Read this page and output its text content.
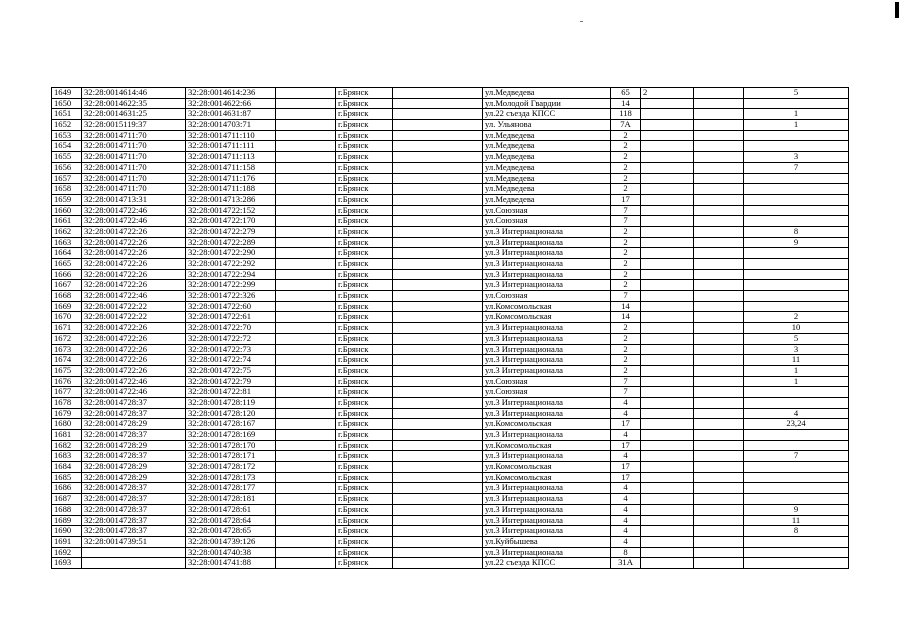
1649	32:28:0014614:46	32:28:0014614:236		г.Брянск		ул.Медведева	65	2		5
1650	32:28:0014622:35	32:28:0014622:66		г.Брянск		ул.Молодой Гвардии	14			
1651	32:28:0014631:25	32:28:0014631:87		г.Брянск		ул.22 съезда КПСС	118			1
1652	32:28:0015119:37	32:28:0014703:71		г.Брянск		ул. Ульянова	7А			1
1653	32:28:0014711:70	32:28:0014711:110		г.Брянск		ул.Медведева	2			
1654	32:28:0014711:70	32:28:0014711:111		г.Брянск		ул.Медведева	2			
1655	32:28:0014711:70	32:28:0014711:113		г.Брянск		ул.Медведева	2			3
1656	32:28:0014711:70	32:28:0014711:158		г.Брянск		ул.Медведева	2			7
1657	32:28:0014711:70	32:28:0014711:176		г.Брянск		ул.Медведева	2			
1658	32:28:0014711:70	32:28:0014711:188		г.Брянск		ул.Медведева	2			
1659	32:28:0014713:31	32:28:0014713:286		г.Брянск		ул.Медведева	17			
1660	32:28:0014722:46	32:28:0014722:152		г.Брянск		ул.Союзная	7			
1661	32:28:0014722:46	32:28:0014722:170		г.Брянск		ул.Союзная	7			
1662	32:28:0014722:26	32:28:0014722:279		г.Брянск		ул.3 Интернационала	2			8
1663	32:28:0014722:26	32:28:0014722:289		г.Брянск		ул.3 Интернационала	2			9
1664	32:28:0014722:26	32:28:0014722:290		г.Брянск		ул.3 Интернационала	2			
1665	32:28:0014722:26	32:28:0014722:292		г.Брянск		ул.3 Интернационала	2			
1666	32:28:0014722:26	32:28:0014722:294		г.Брянск		ул.3 Интернационала	2			
1667	32:28:0014722:26	32:28:0014722:299		г.Брянск		ул.3 Интернационала	2			
1668	32:28:0014722:46	32:28:0014722:326		г.Брянск		ул.Союзная	7			
1669	32:28:0014722:22	32:28:0014722:60		г.Брянск		ул.Комсомольская	14			
1670	32:28:0014722:22	32:28:0014722:61		г.Брянск		ул.Комсомольская	14			2
1671	32:28:0014722:26	32:28:0014722:70		г.Брянск		ул.3 Интернационала	2			10
1672	32:28:0014722:26	32:28:0014722:72		г.Брянск		ул.3 Интернационала	2			5
1673	32:28:0014722:26	32:28:0014722:73		г.Брянск		ул.3 Интернационала	2			3
1674	32:28:0014722:26	32:28:0014722:74		г.Брянск		ул.3 Интернационала	2			11
1675	32:28:0014722:26	32:28:0014722:75		г.Брянск		ул.3 Интернационала	2			1
1676	32:28:0014722:46	32:28:0014722:79		г.Брянск		ул.Союзная	7			1
1677	32:28:0014722:46	32:28:0014722:81		г.Брянск		ул.Союзная	7			
1678	32:28:0014728:37	32:28:0014728:119		г.Брянск		ул.3 Интернационала	4			
1679	32:28:0014728:37	32:28:0014728:120		г.Брянск		ул.3 Интернационала	4			4
1680	32:28:0014728:29	32:28:0014728:167		г.Брянск		ул.Комсомольская	17			23,24
1681	32:28:0014728:37	32:28:0014728:169		г.Брянск		ул.3 Интернационала	4			
1682	32:28:0014728:29	32:28:0014728:170		г.Брянск		ул.Комсомольская	17			
1683	32:28:0014728:37	32:28:0014728:171		г.Брянск		ул.3 Интернационала	4			7
1684	32:28:0014728:29	32:28:0014728:172		г.Брянск		ул.Комсомольская	17			
1685	32:28:0014728:29	32:28:0014728:173		г.Брянск		ул.Комсомольская	17			
1686	32:28:0014728:37	32:28:0014728:177		г.Брянск		ул.3 Интернационала	4			
1687	32:28:0014728:37	32:28:0014728:181		г.Брянск		ул.3 Интернационала	4			
1688	32:28:0014728:37	32:28:0014728:61		г.Брянск		ул.3 Интернационала	4			9
1689	32:28:0014728:37	32:28:0014728:64		г.Брянск		ул.3 Интернационала	4			11
1690	32:28:0014728:37	32:28:0014728:65		г.Брянск		ул.3 Интернационала	4			8
1691	32:28:0014739:51	32:28:0014739:126		г.Брянск		ул.Куйбышева	4			
1692		32:28:0014740:38		г.Брянск		ул.3 Интернационала	8			
1693		32:28:0014741:88		г.Брянск		ул.22 съезда КПСС	31А			
